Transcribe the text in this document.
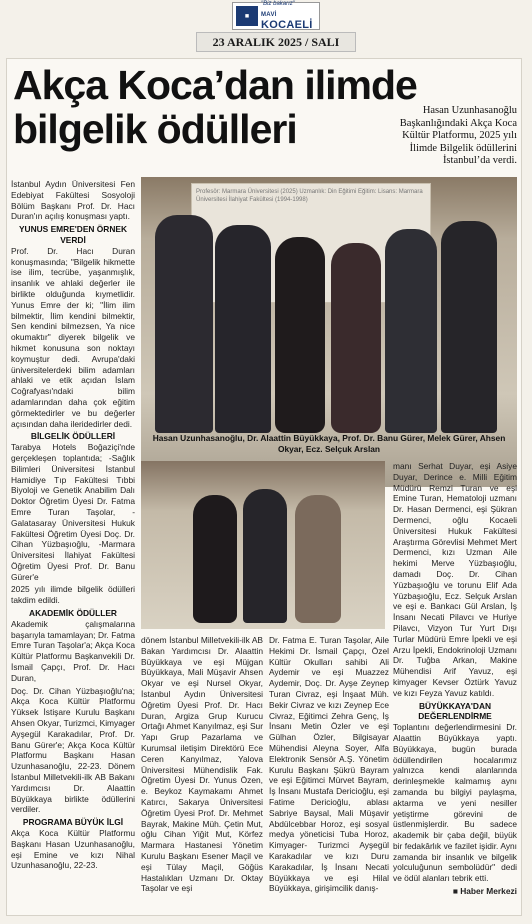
■
"Biz bakarız"
MAVİ KOCAELİ
23 ARALIK 2025 / SALI
Akça Koca’dan ilimde
bilgelik ödülleri	Hasan Uzunhasanoğlu Başkanlığındaki Akça Koca Kültür Platformu, 2025 yılı İlimde Bilgelik ödüllerini İstanbul’da verdi.
Profesör: Marmara Üniversitesi (2025) Uzmanlık: Din Eğitimi Eğitim: Lisans: Marmara Üniversitesi İlahiyat Fakültesi (1994-1998)
Hasan Uzunhasanoğlu, Dr. Alaattin Büyükkaya, Prof. Dr. Banu Gürer, Melek Gürer, Ahsen Okyar, Ecz. Selçuk Arslan

İstanbul Aydın Üniversitesi Fen Edebiyat Fakültesi Sosyoloji Bölüm Başkanı Prof. Dr. Hacı Duran'ın açılış konuşması yaptı.

YUNUS EMRE'DEN ÖRNEK VERDİ

Prof. Dr. Hacı Duran konuşmasında; "Bilgelik hikmette ise ilim, tecrübe, yaşanmışlık, insanlık ve ahlaki değerler ile birlikte olduğunda kıymetlidir. Yunus Emre der ki; "İlim ilim bilmektir, İlim kendini bilmektir, Sen kendini bilmezsen, Ya nice okumaktır" diyerek bilgelik ve hikmet konusuna son noktayı koymuştur dedi. Avrupa'daki üniversitelerdeki bilim adamları ahlaki ve etik açıdan İslam Coğrafyası'ndaki bilim adamlarından daha çok eğitim görmektedirler ve bu değerler açısından daha ileridedirler dedi.

BİLGELİK ÖDÜLLERİ

Tarabya Hotels Boğaziçi'nde gerçekleşen toplantıda; -Sağlık Bilimleri Üniversitesi İstanbul Hamidiye Tıp Fakültesi Tıbbi Biyoloji ve Genetik Anabilim Dalı Doktor Öğretim Üyesi Dr. Fatma Emre Turan Taşolar, -Galatasaray Üniversitesi Hukuk Fakültesi Öğretim Üyesi Doç. Dr. Cihan Yüzbaşıoğlu, -Marmara Üniversitesi İlahiyat Fakültesi Öğretim Üyesi Prof. Dr. Banu Gürer'e

2025 yılı ilimde bilgelik ödülleri takdim edildi.

AKADEMİK ÖDÜLLER

Akademik çalışmalarına başarıyla tamamlayan; Dr. Fatma Emre Turan Taşolar'a; Akça Koca Kültür Platformu Başkanvekili Dr. İsmail Çapçı, Prof. Dr. Hacı Duran,

Doç. Dr. Cihan Yüzbaşıoğlu'na; Akça Koca Kültür Platformu Yüksek İstişare Kurulu Başkanı Ahsen Okyar, Turizmci, Kimyager Ayşegül Karakadılar, Prof. Dr. Banu Gürer'e; Akça Koca Kültür Platformu Başkanı Hasan Uzunhasanoğlu, 22-23. Dönem İstanbul Milletvekili-ilk AB Bakanı Yardımcısı Dr. Alaattin Büyükkaya birlikte ödüllerini verdiler.

PROGRAMA BÜYÜK İLGİ

Akça Koca Kültür Platformu Başkanı Hasan Uzunhasanoğlu, eşi Emine ve kızı Nihal Uzunhasanoğlu, 22-23.

dönem İstanbul Milletvekili-ilk AB Bakan Yardımcısı Dr. Alaattin Büyükkaya ve eşi Müjgan Büyükkaya, Mali Müşavir Ahsen Okyar ve eşi Nursel Okyar, İstanbul Aydın Üniversitesi Öğretim Üyesi Prof. Dr. Hacı Duran, Argiza Grup Kurucu Ortağı Ahmet Kanyılmaz, eşi Sur Yapı Grup Pazarlama ve Kurumsal iletişim Direktörü Ece Ceren Kanyılmaz, Yalova Üniversitesi Mühendislik Fak. Öğretim Üyesi Dr. Yunus Özen, e. Beykoz Kaymakamı Ahmet Katırcı, Sakarya Üniversitesi Öğretim Üyesi Prof. Dr. Mehmet Bayrak, Makine Müh. Çetin Mut, oğlu Cihan Yiğit Mut, Körfez Marmara Hastanesi Yönetim Kurulu Başkanı Esener Maçil ve eşi Tülay Maçil, Göğüs Hastalıkları Uzmanı Dr. Oktay Taşolar ve eşi

Dr. Fatma E. Turan Taşolar, Aile Hekimi Dr. İsmail Çapçı, Özel Kültür Okulları sahibi Ali Aydemir ve eşi Muazzez Aydemir, Doç. Dr. Ayşe Zeynep Turan Civraz, eşi İnşaat Müh. Bekir Civraz ve kızı Zeynep Ece Civraz, Eğitimci Zehra Genç, İş İnsanı Metin Özler ve eşi Gülhan Özler, Bilgisayar Mühendisi Aleyna Soyer, Alfa Elektronik Sensör A.Ş. Yönetim Kurulu Başkanı Şükrü Bayram ve eşi Eğitimci Mürvet Bayram, İş İnsanı Mustafa Dericioğlu, eşi Fatime Dericioğlu, ablası Sabriye Baysal, Mali Müşavir Abdülcebbar Horoz, eşi sosyal medya yöneticisi Tuba Horoz, Kimyager- Turizmci Ayşegül Karakadılar ve kızı Duru Karakadılar, İş İnsanı Necati Büyükkaya ve eşi Hilal Büyükkaya, girişimcilik danış-

manı Serhat Duyar, eşi Asiye Duyar, Derince e. Milli Eğitim Müdürü Remzi Turan ve eşi Emine Turan, Hematoloji uzmanı Dr. Hasan Dermenci, eşi Şükran Dermenci, oğlu Kocaeli Üniversitesi Hukuk Fakültesi Araştırma Görevlisi Mehmet Mert Dermenci, kızı Uzman Aile hekimi Merve Yüzbaşıoğlu, damadı Doç. Dr. Cihan Yüzbaşıoğlu ve torunu Elif Ada Yüzbaşıoğlu, Ecz. Selçuk Arslan ve eşi e. Bankacı Gül Arslan, İş İnsanı Necati Pilavcı ve Huriye Pilavcı, Vizyon Tur Yurt Dışı Turlar Müdürü Emre İpekli ve eşi Arzu İpekli, Endokrinoloji Uzmanı Dr. Tuğba Arkan, Makine Mühendisi Arif Yavuz, eşi kimyager Kevser Öztürk Yavuz ve kızı Feyza Yavuz katıldı.

BÜYÜKKAYA'DAN DEĞERLENDİRME

Toplantını değerlendirmesini Dr. Alaattin Büyükkaya yaptı. Büyükkaya, bugün burada ödüllendirilen hocalarımız yalnızca kendi alanlarında derinleşmekle kalmamış aynı zamanda bu bilgiyi paylaşma, aktarma ve yeni nesiller yetiştirme görevini de üstlenmişlerdir. Bu sadece akademik bir çaba değil, büyük bir fedakârlık ve fazilet işidir. Aynı zamanda bir insanlık ve bilgelik yolculuğunun sembolüdür" dedi ve ödül alanları tebrik etti.

■ Haber Merkezi
